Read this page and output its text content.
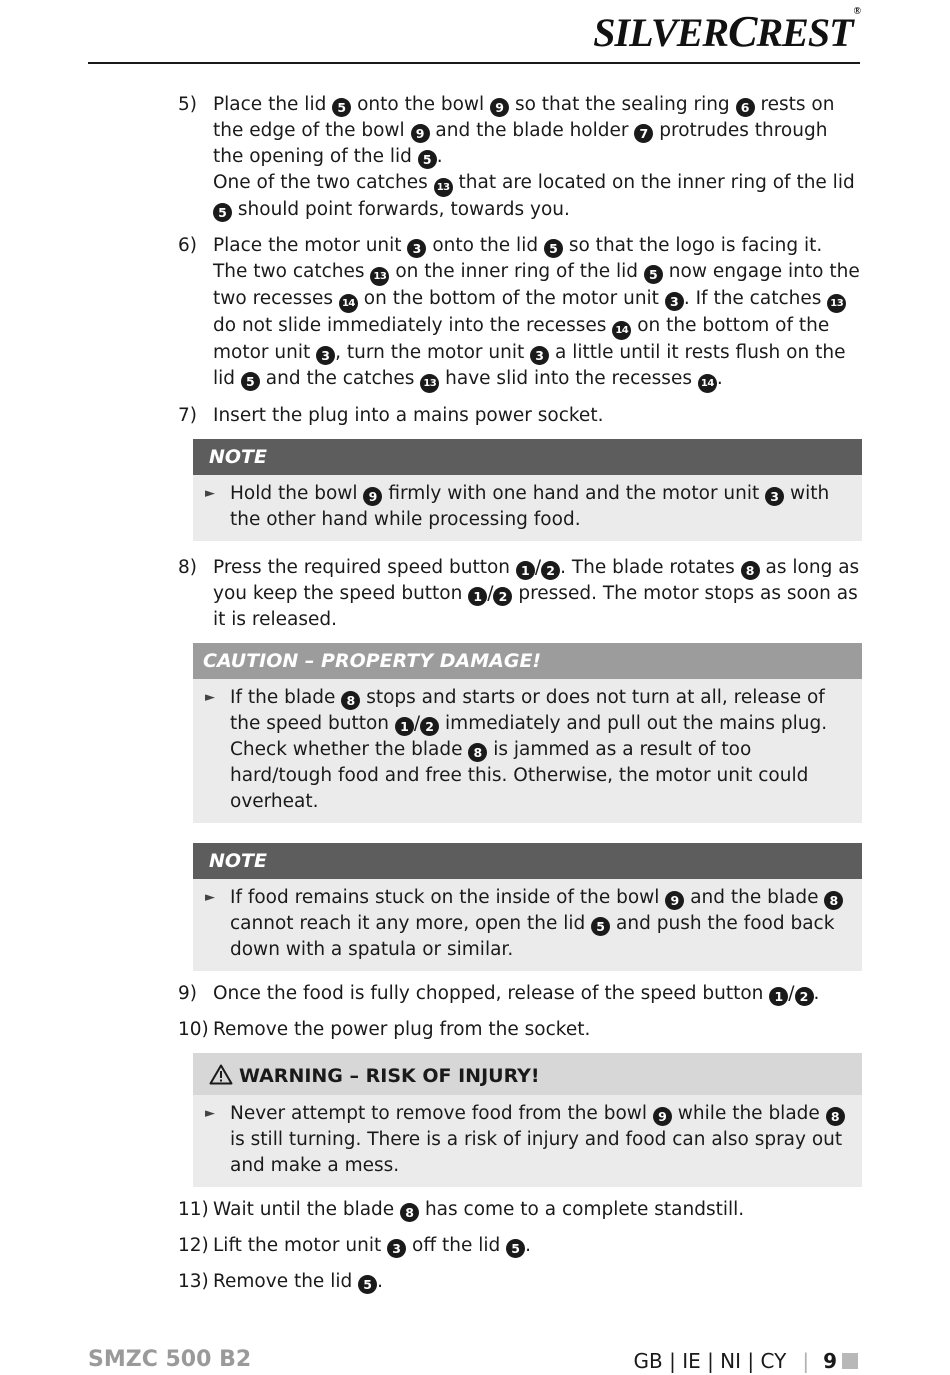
SILVERCREST®
5) Place the lid 5 onto the bowl 9 so that the sealing ring 6 rests on the edge of the bowl 9 and the blade holder 7 protrudes through the opening of the lid 5 .
One of the two catches 13 that are located on the inner ring of the lid 5 should point forwards, towards you.
6) Place the motor unit 3 onto the lid 5 so that the logo is facing it. The two catches 13 on the inner ring of the lid 5 now engage into the two recesses 14 on the bottom of the motor unit 3 . If the catches 13 do not slide immediately into the recesses 14 on the bottom of the motor unit 3 , turn the motor unit 3 a little until it rests flush on the lid 5 and the catches 13 have slid into the recesses 14 .
7) Insert the plug into a mains power socket.
NOTE
► Hold the bowl 9 firmly with one hand and the motor unit 3 with the other hand while processing food.
8) Press the required speed button 1 / 2 . The blade rotates 8 as long as you keep the speed button 1 / 2 pressed. The motor stops as soon as it is released.
CAUTION – PROPERTY DAMAGE!
► If the blade 8 stops and starts or does not turn at all, release of the speed button 1 / 2 immediately and pull out the mains plug. Check whether the blade 8 is jammed as a result of too hard/tough food and free this. Otherwise, the motor unit could overheat.
NOTE
► If food remains stuck on the inside of the bowl 9 and the blade 8 cannot reach it any more, open the lid 5 and push the food back down with a spatula or similar.
9) Once the food is fully chopped, release of the speed button 1 / 2 .
10) Remove the power plug from the socket.
WARNING – RISK OF INJURY!
► Never attempt to remove food from the bowl 9 while the blade 8 is still turning. There is a risk of injury and food can also spray out and make a mess.
11) Wait until the blade 8 has come to a complete standstill.
12) Lift the motor unit 3 off the lid 5 .
13) Remove the lid 5 .
SMZC 500 B2	GB | IE | NI | CY | 9
